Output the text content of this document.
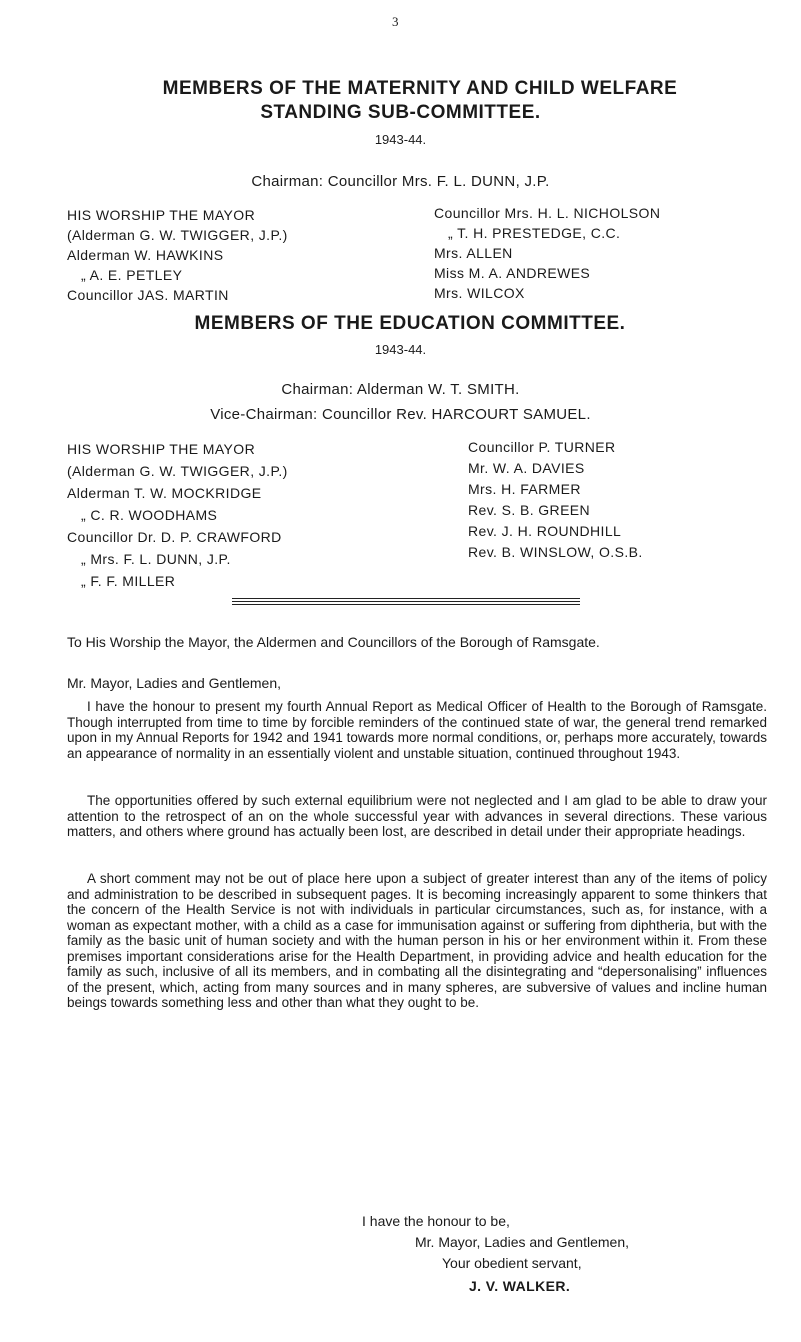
3
MEMBERS OF THE MATERNITY AND CHILD WELFARE
STANDING SUB-COMMITTEE.
1943-44.
Chairman: Councillor Mrs. F. L. DUNN, J.P.
HIS WORSHIP THE MAYOR
(Alderman G. W. TWIGGER, J.P.)
Alderman W. HAWKINS
„ A. E. PETLEY
Councillor JAS. MARTIN
Councillor Mrs. H. L. NICHOLSON
„ T. H. PRESTEDGE, C.C.
Mrs. ALLEN
Miss M. A. ANDREWES
Mrs. WILCOX
MEMBERS OF THE EDUCATION COMMITTEE.
1943-44.
Chairman: Alderman W. T. SMITH.
Vice-Chairman: Councillor Rev. HARCOURT SAMUEL.
HIS WORSHIP THE MAYOR
(Alderman G. W. TWIGGER, J.P.)
Alderman T. W. MOCKRIDGE
„ C. R. WOODHAMS
Councillor Dr. D. P. CRAWFORD
„ Mrs. F. L. DUNN, J.P.
„ F. F. MILLER
Councillor P. TURNER
Mr. W. A. DAVIES
Mrs. H. FARMER
Rev. S. B. GREEN
Rev. J. H. ROUNDHILL
Rev. B. WINSLOW, O.S.B.
To His Worship the Mayor, the Aldermen and Councillors of the Borough of Ramsgate.
Mr. Mayor, Ladies and Gentlemen,
I have the honour to present my fourth Annual Report as Medical Officer of Health to the Borough of Ramsgate. Though interrupted from time to time by forcible reminders of the continued state of war, the general trend remarked upon in my Annual Reports for 1942 and 1941 towards more normal conditions, or, perhaps more accurately, towards an appearance of normality in an essentially violent and unstable situation, continued throughout 1943.
The opportunities offered by such external equilibrium were not neglected and I am glad to be able to draw your attention to the retrospect of an on the whole successful year with advances in several directions. These various matters, and others where ground has actually been lost, are described in detail under their appropriate headings.
A short comment may not be out of place here upon a subject of greater interest than any of the items of policy and administration to be described in subsequent pages. It is becoming increasingly apparent to some thinkers that the concern of the Health Service is not with individuals in particular circumstances, such as, for instance, with a woman as expectant mother, with a child as a case for immunisation against or suffering from diphtheria, but with the family as the basic unit of human society and with the human person in his or her environment within it. From these premises important considerations arise for the Health Department, in providing advice and health education for the family as such, inclusive of all its members, and in combating all the disintegrating and “depersonalising” influences of the present, which, acting from many sources and in many spheres, are subversive of values and incline human beings towards something less and other than what they ought to be.
I have the honour to be,
Mr. Mayor, Ladies and Gentlemen,
Your obedient servant,
J. V. WALKER.
